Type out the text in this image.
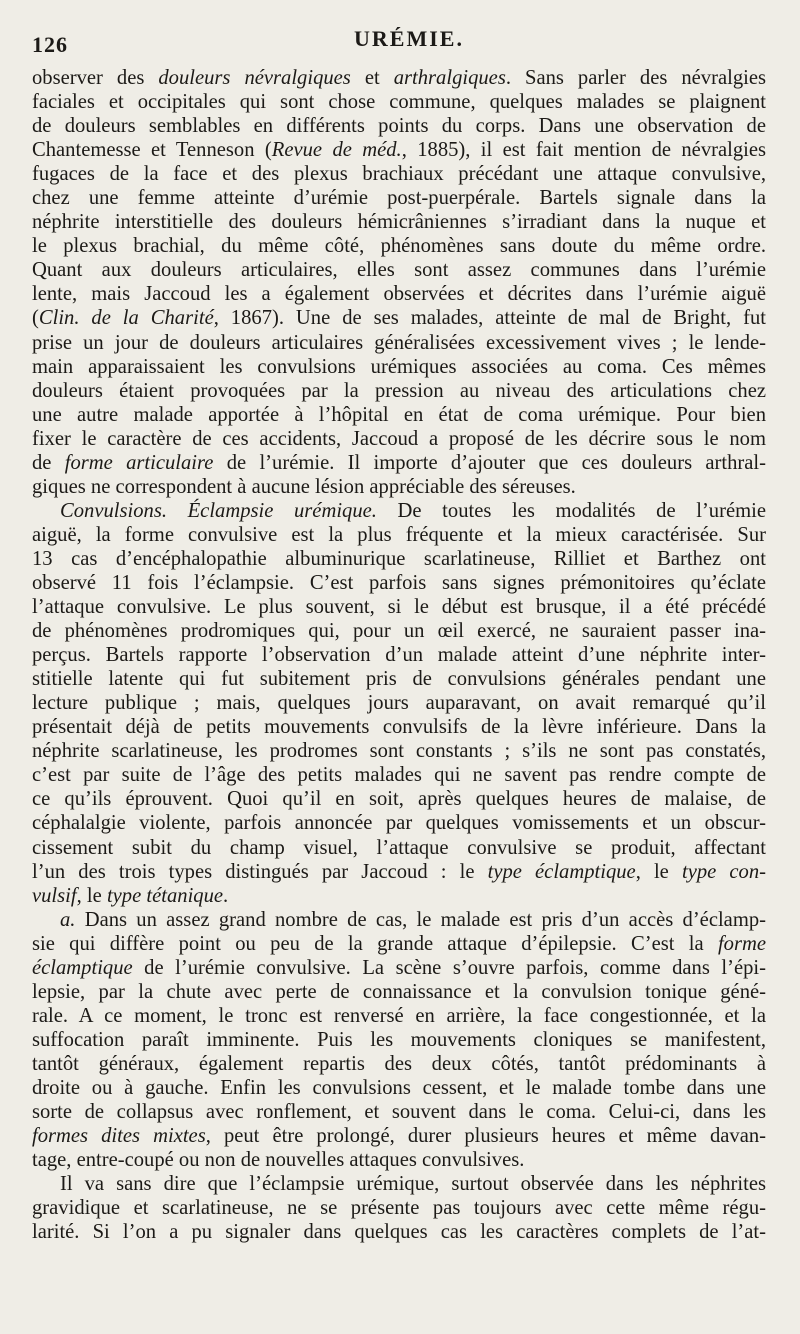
126	URÉMIE.
observer des douleurs névralgiques et arthralgiques. Sans parler des névralgies
faciales et occipitales qui sont chose commune, quelques malades se plaignent
de douleurs semblables en différents points du corps. Dans une observation de
Chantemesse et Tenneson (Revue de méd., 1885), il est fait mention de névralgies
fugaces de la face et des plexus brachiaux précédant une attaque convulsive,
chez une femme atteinte d’urémie post-puerpérale. Bartels signale dans la
néphrite interstitielle des douleurs hémicrâniennes s’irradiant dans la nuque et
le plexus brachial, du même côté, phénomènes sans doute du même ordre.
Quant aux douleurs articulaires, elles sont assez communes dans l’urémie
lente, mais Jaccoud les a également observées et décrites dans l’urémie aiguë
(Clin. de la Charité, 1867). Une de ses malades, atteinte de mal de Bright, fut
prise un jour de douleurs articulaires généralisées excessivement vives ; le lende-
main apparaissaient les convulsions urémiques associées au coma. Ces mêmes
douleurs étaient provoquées par la pression au niveau des articulations chez
une autre malade apportée à l’hôpital en état de coma urémique. Pour bien
fixer le caractère de ces accidents, Jaccoud a proposé de les décrire sous le nom
de forme articulaire de l’urémie. Il importe d’ajouter que ces douleurs arthral-
giques ne correspondent à aucune lésion appréciable des séreuses.
Convulsions. Éclampsie urémique. De toutes les modalités de l’urémie
aiguë, la forme convulsive est la plus fréquente et la mieux caractérisée. Sur
13 cas d’encéphalopathie albuminurique scarlatineuse, Rilliet et Barthez ont
observé 11 fois l’éclampsie. C’est parfois sans signes prémonitoires qu’éclate
l’attaque convulsive. Le plus souvent, si le début est brusque, il a été précédé
de phénomènes prodromiques qui, pour un œil exercé, ne sauraient passer ina-
perçus. Bartels rapporte l’observation d’un malade atteint d’une néphrite inter-
stitielle latente qui fut subitement pris de convulsions générales pendant une
lecture publique ; mais, quelques jours auparavant, on avait remarqué qu’il
présentait déjà de petits mouvements convulsifs de la lèvre inférieure. Dans la
néphrite scarlatineuse, les prodromes sont constants ; s’ils ne sont pas constatés,
c’est par suite de l’âge des petits malades qui ne savent pas rendre compte de
ce qu’ils éprouvent. Quoi qu’il en soit, après quelques heures de malaise, de
céphalalgie violente, parfois annoncée par quelques vomissements et un obscur-
cissement subit du champ visuel, l’attaque convulsive se produit, affectant
l’un des trois types distingués par Jaccoud : le type éclamptique, le type con-
vulsif, le type tétanique.
a. Dans un assez grand nombre de cas, le malade est pris d’un accès d’éclamp-
sie qui diffère point ou peu de la grande attaque d’épilepsie. C’est la forme
éclamptique de l’urémie convulsive. La scène s’ouvre parfois, comme dans l’épi-
lepsie, par la chute avec perte de connaissance et la convulsion tonique géné-
rale. A ce moment, le tronc est renversé en arrière, la face congestionnée, et la
suffocation paraît imminente. Puis les mouvements cloniques se manifestent,
tantôt généraux, également repartis des deux côtés, tantôt prédominants à
droite ou à gauche. Enfin les convulsions cessent, et le malade tombe dans une
sorte de collapsus avec ronflement, et souvent dans le coma. Celui-ci, dans les
formes dites mixtes, peut être prolongé, durer plusieurs heures et même davan-
tage, entre-coupé ou non de nouvelles attaques convulsives.
Il va sans dire que l’éclampsie urémique, surtout observée dans les néphrites
gravidique et scarlatineuse, ne se présente pas toujours avec cette même régu-
larité. Si l’on a pu signaler dans quelques cas les caractères complets de l’at-
